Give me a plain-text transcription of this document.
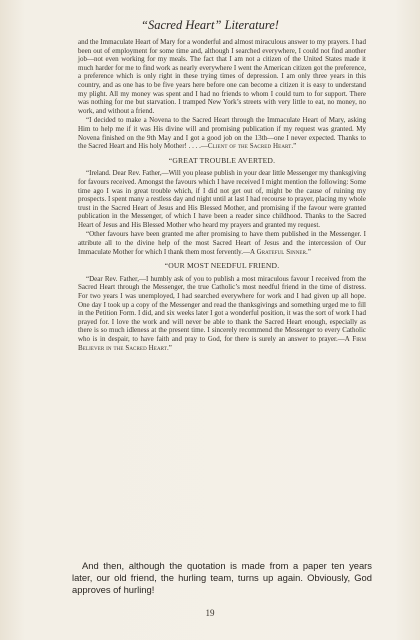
“Sacred Heart” Literature!

and the Immaculate Heart of Mary for a wonderful and almost miraculous answer to my prayers. I had been out of employment for some time and, although I searched everywhere, I could not find another job—not even working for my meals. The fact that I am not a citizen of the United States made it much harder for me to find work as nearly everywhere I went the American citizen got the preference, a preference which is only right in these trying times of depression. I am only three years in this country, and as one has to be five years here before one can become a citizen it is easy to understand my plight. All my money was spent and I had no friends to whom I could turn to for support. There was nothing for me but starvation. I tramped New York’s streets with very little to eat, no money, no work, and without a friend.

“I decided to make a Novena to the Sacred Heart through the Immaculate Heart of Mary, asking Him to help me if it was His divine will and promising publication if my request was granted. My Novena finished on the 9th May and I got a good job on the 13th—one I never expected. Thanks to the Sacred Heart and His holy Mother! . . . .—Client of the Sacred Heart.”

“GREAT TROUBLE AVERTED.

“Ireland. Dear Rev. Father,—Will you please publish in your dear little Messenger my thanksgiving for favours received. Amongst the favours which I have received I might mention the following: Some time ago I was in great trouble which, if I did not get out of, might be the cause of ruining my prospects. I spent many a restless day and night until at last I had recourse to prayer, placing my whole trust in the Sacred Heart of Jesus and His Blessed Mother, and promising if the favour were granted publication in the Messenger, of which I have been a reader since childhood. Thanks to the Sacred Heart of Jesus and His Blessed Mother who heard my prayers and granted my request.

“Other favours have been granted me after promising to have them published in the Messenger. I attribute all to the divine help of the most Sacred Heart of Jesus and the intercession of Our Immaculate Mother for which I thank them most fervently.—A Grateful Sinner.”

“OUR MOST NEEDFUL FRIEND.

“Dear Rev. Father,—I humbly ask of you to publish a most miraculous favour I received from the Sacred Heart through the Messenger, the true Catholic’s most needful friend in the time of distress. For two years I was unemployed, I had searched everywhere for work and I had given up all hope. One day I took up a copy of the Messenger and read the thanksgivings and something urged me to fill in the Petition Form. I did, and six weeks later I got a wonderful position, it was the sort of work I had prayed for. I love the work and will never be able to thank the Sacred Heart enough, especially as there is so much idleness at the present time. I sincerely recommend the Messenger to every Catholic who is in despair, to have faith and pray to God, for there is surely an answer to prayer.—A Firm Believer in the Sacred Heart.”

And then, although the quotation is made from a paper ten years later, our old friend, the hurling team, turns up again. Obviously, God approves of hurling!
19
